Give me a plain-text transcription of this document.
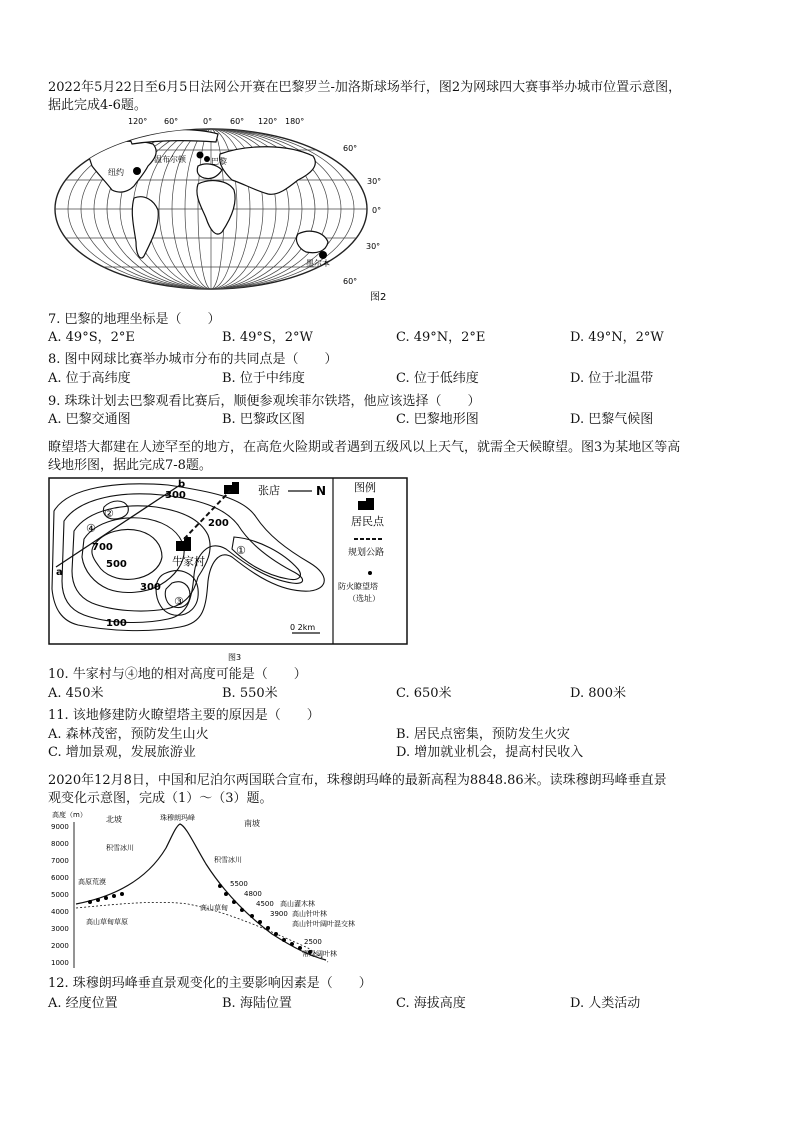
2022年5月22日至6月5日法网公开赛在巴黎罗兰-加洛斯球场举行，图2为网球四大赛事举办城市位置示意图，
据此完成4-6题。
120° 60°	0° 60° 120° 180°
纽约
温布尔顿	巴黎
墨尔本
60°
30°
0°
30°
60°
图2
7. 巴黎的地理坐标是（　　）
A. 49°S，2°E	B. 49°S，2°W	C. 49°N，2°E	D. 49°N，2°W
8. 图中网球比赛举办城市分布的共同点是（　　）
A. 位于高纬度	B. 位于中纬度	C. 位于低纬度	D. 位于北温带
9. 珠珠计划去巴黎观看比赛后，顺便参观埃菲尔铁塔，他应该选择（　　）
A. 巴黎交通图	B. 巴黎政区图	C. 巴黎地形图	D. 巴黎气候图
瞭望塔大都建在人迹罕至的地方，在高危火险期或者遇到五级风以上天气，就需全天候瞭望。图3为某地区等高
线地形图，据此完成7-8题。
a
b
300
200
700
500
300
100
①
②
③
④
张店
牛家村
N
0 2km
图例
居民点
规划公路
防火瞭望塔
（选址）
图3
10. 牛家村与④地的相对高度可能是（　　）
A. 450米	B. 550米	C. 650米	D. 800米
11. 该地修建防火瞭望塔主要的原因是（　　）
A. 森林茂密，预防发生山火	B. 居民点密集，预防发生火灾
C. 增加景观，发展旅游业	D. 增加就业机会，提高村民收入
2020年12月8日，中国和尼泊尔两国联合宣布，珠穆朗玛峰的最新高程为8848.86米。读珠穆朗玛峰垂直景
观变化示意图，完成（1）～（3）题。
高度（m）
9000
8000
7000
6000
5000
4000
3000
2000
1000
北坡	南坡
珠穆朗玛峰
积雪冰川
积雪冰川
高原荒漠
高山草甸草原
高山草甸
5500
4800
4500 高山灌木林
3900 高山针叶林
高山针叶阔叶混交林
2500
常绿阔叶林
12. 珠穆朗玛峰垂直景观变化的主要影响因素是（　　）
A. 经度位置	B. 海陆位置	C. 海拔高度	D. 人类活动
